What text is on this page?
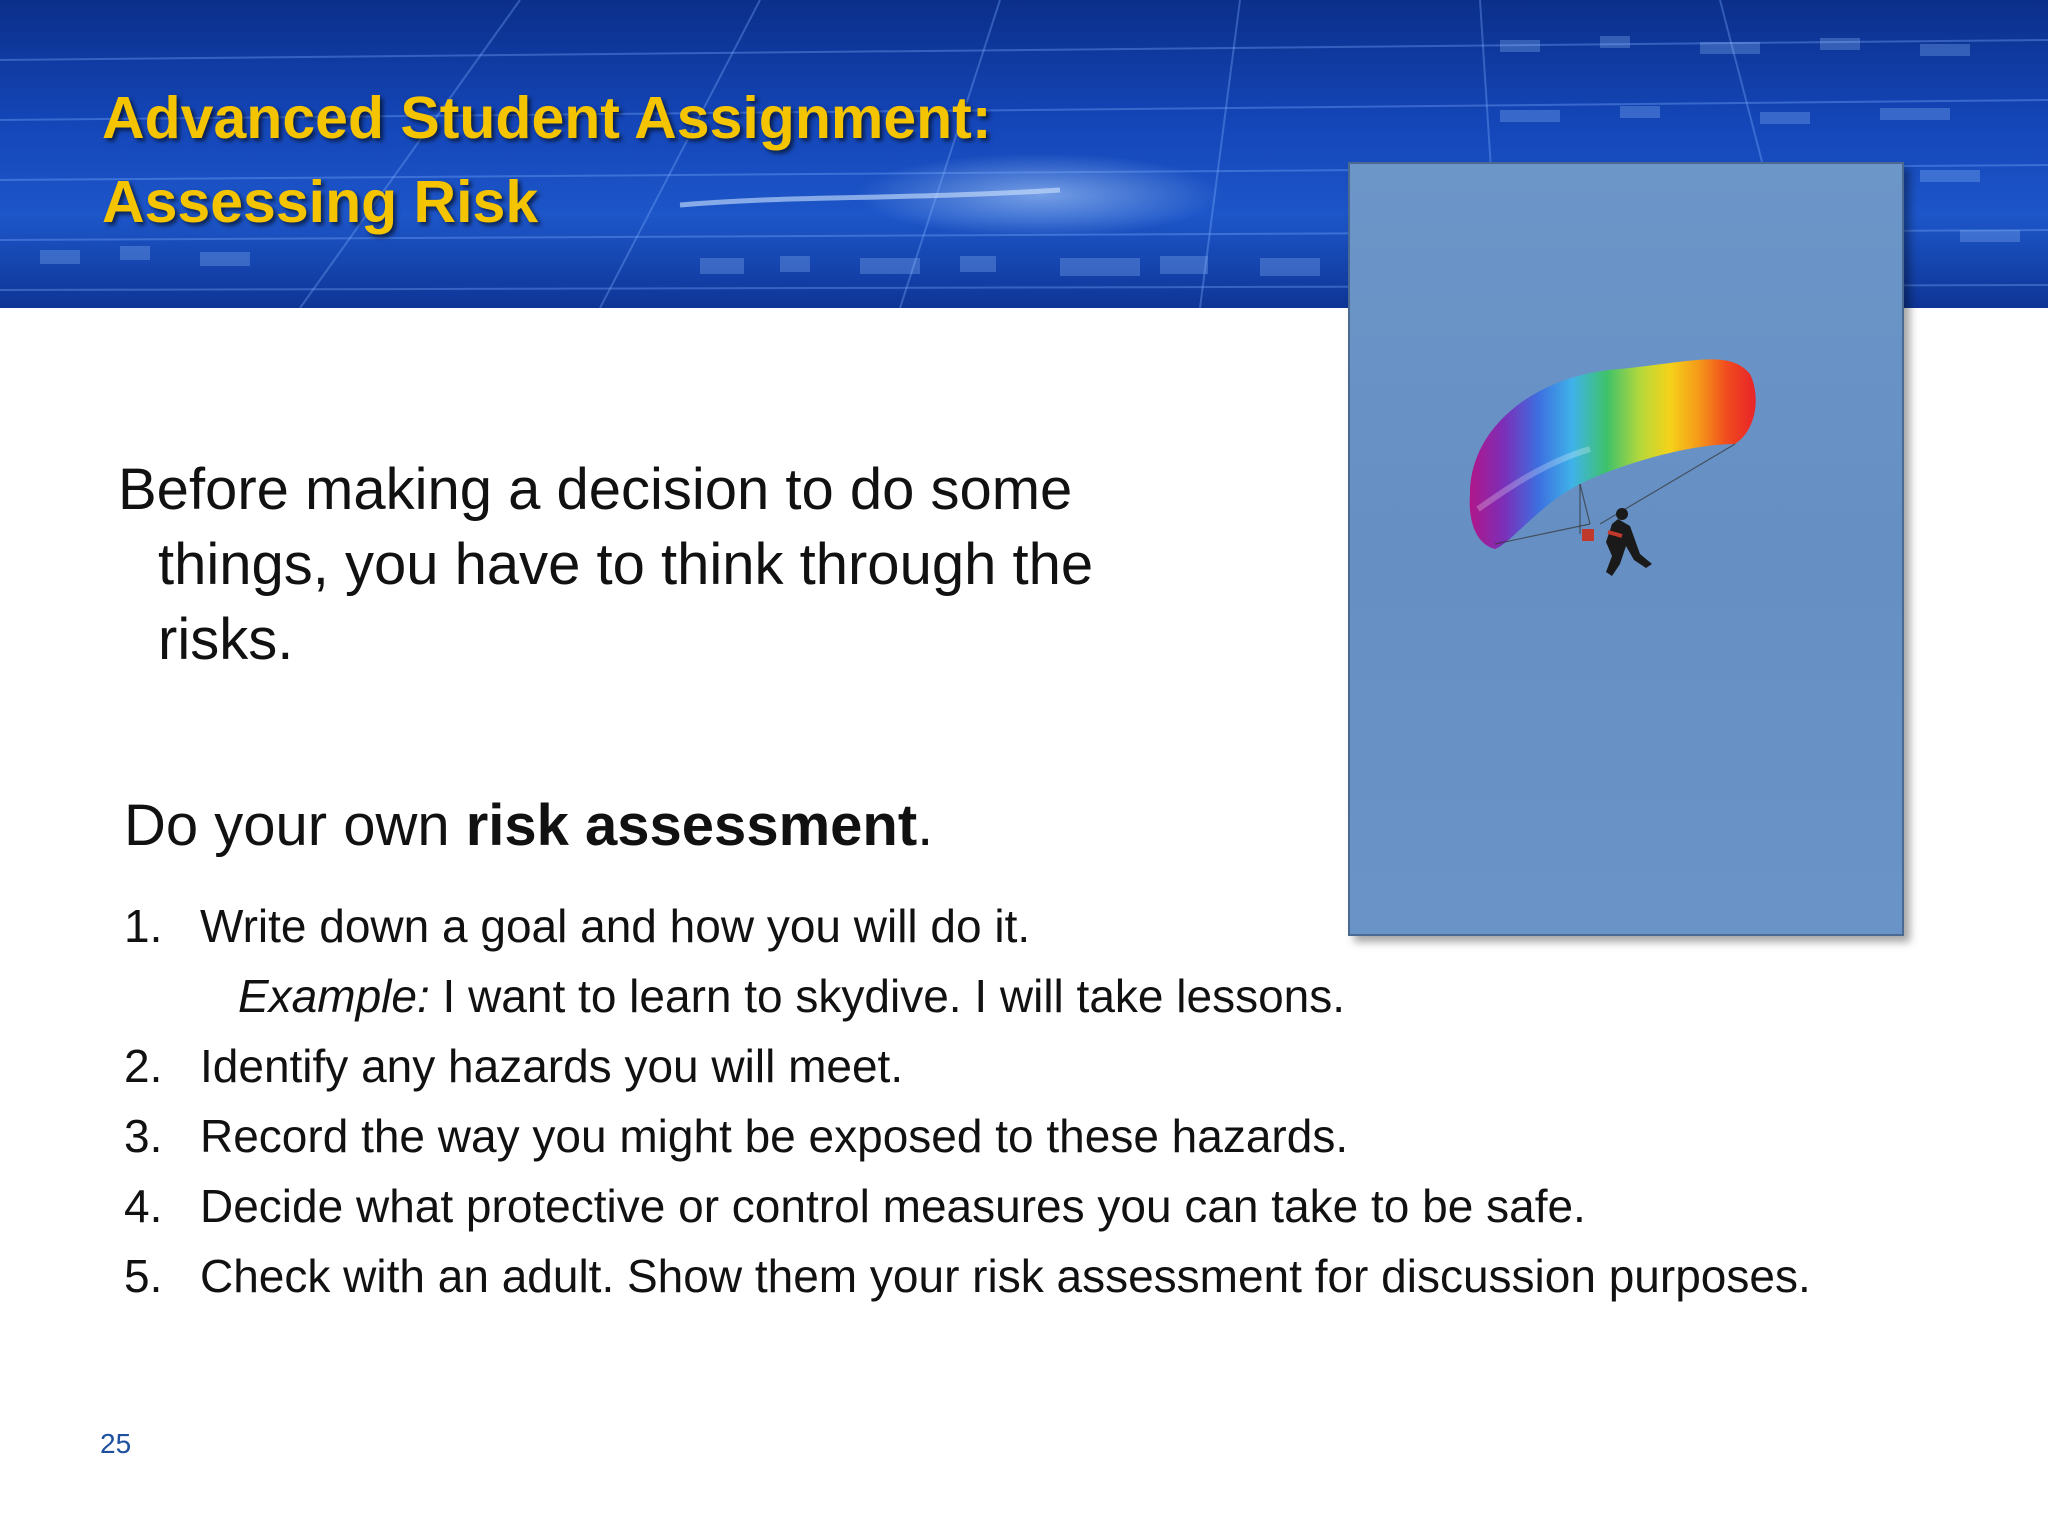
Advanced Student Assignment:
Assessing Risk

Before making a decision to do some things, you have to think through the risks.

Do your own risk assessment.

1. Write down a goal and how you will do it.
Example: I want to learn to skydive. I will take lessons.
2. Identify any hazards you will meet.
3. Record the way you might be exposed to these hazards.
4. Decide what protective or control measures you can take to be safe.
5. Check with an adult. Show them your risk assessment for discussion purposes.
25
